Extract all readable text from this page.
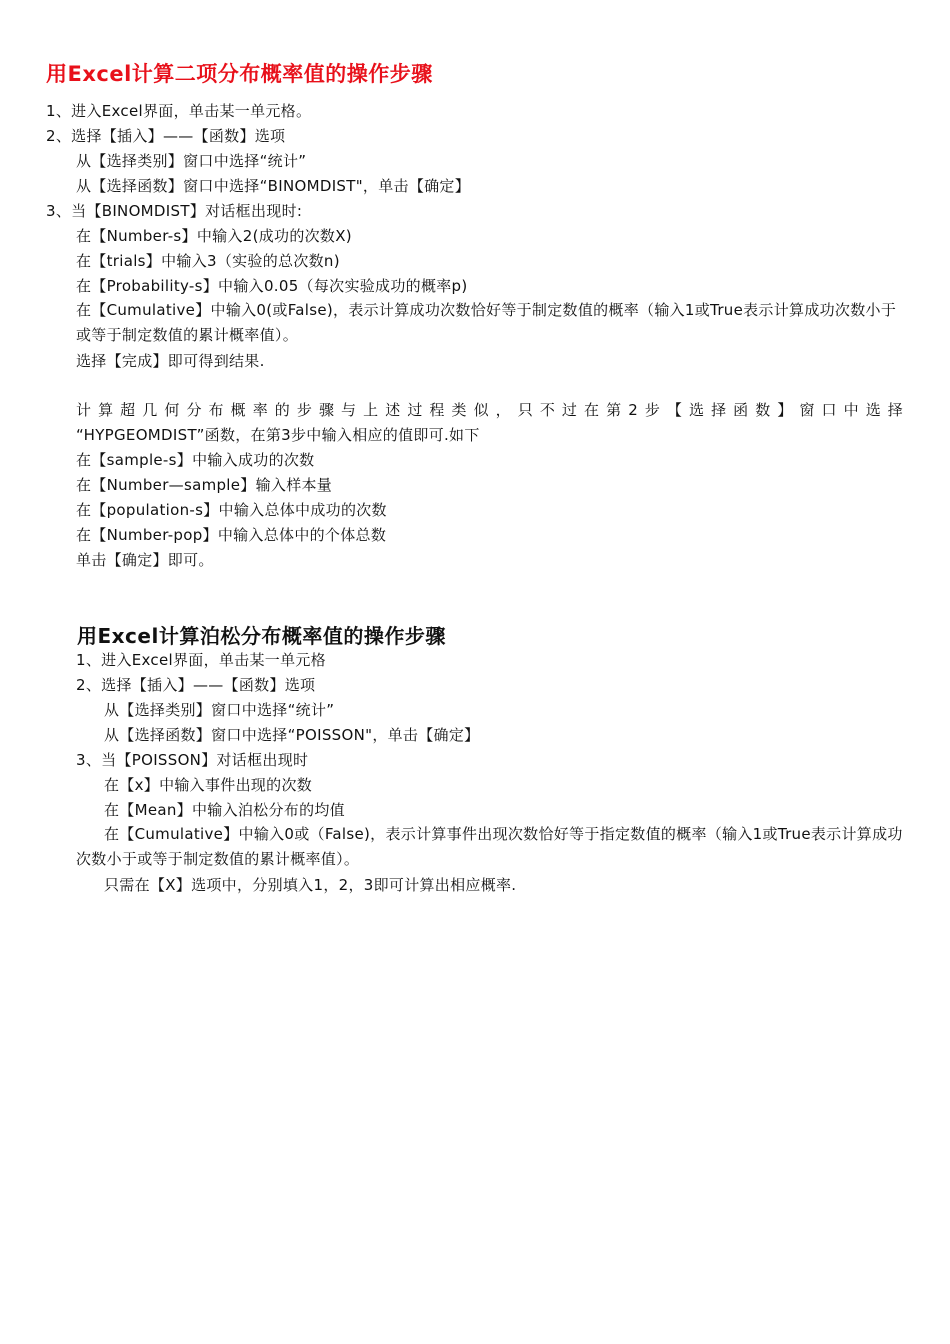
用Excel计算二项分布概率值的操作步骤
1、进入Excel界面，单击某一单元格。
2、选择【插入】——【函数】选项
从【选择类别】窗口中选择“统计”
从【选择函数】窗口中选择“BINOMDIST"，单击【确定】
3、当【BINOMDIST】对话框出现时:
在【Number-s】中输入2(成功的次数X)
在【trials】中输入3（实验的总次数n)
在【Probability-s】中输入0.05（每次实验成功的概率p)
在【Cumulative】中输入0(或False)，表示计算成功次数恰好等于制定数值的概率（输入1或True表示计算成功次数小于或等于制定数值的累计概率值）。
选择【完成】即可得到结果.
计算超几何分布概率的步骤与上述过程类似，只不过在第2步【选择函数】窗口中选择
“HYPGEOMDIST”函数，在第3步中输入相应的值即可.如下
在【sample-s】中输入成功的次数
在【Number—sample】输入样本量
在【population-s】中输入总体中成功的次数
在【Number-pop】中输入总体中的个体总数
单击【确定】即可。
用Excel计算泊松分布概率值的操作步骤
1、进入Excel界面，单击某一单元格
2、选择【插入】——【函数】选项
从【选择类别】窗口中选择“统计”
从【选择函数】窗口中选择“POISSON"，单击【确定】
3、当【POISSON】对话框出现时
在【x】中输入事件出现的次数
在【Mean】中输入泊松分布的均值
在【Cumulative】中输入0或（False)，表示计算事件出现次数恰好等于指定数值的概率（输入1或True表示计算成功次数小于或等于制定数值的累计概率值）。
只需在【X】选项中，分别填入1，2，3即可计算出相应概率.
